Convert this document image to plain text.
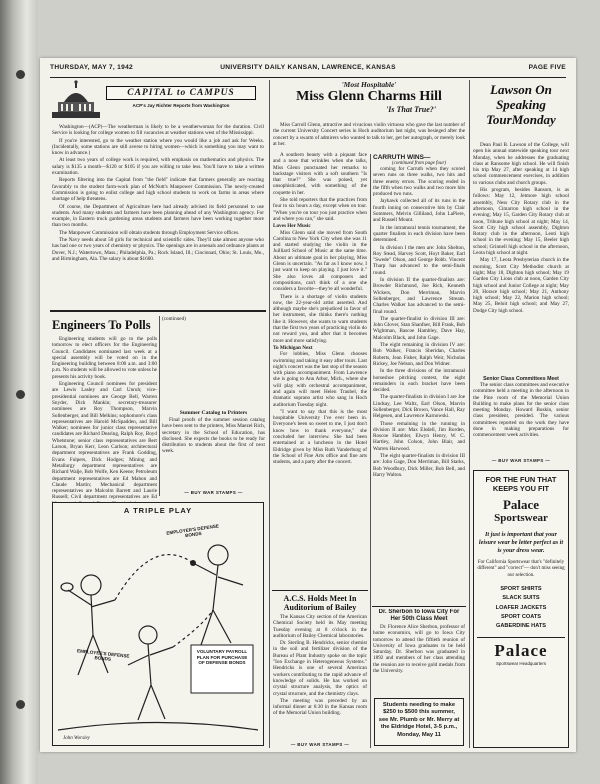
THURSDAY, MAY 7, 1942	UNIVERSITY DAILY KANSAN, LAWRENCE, KANSAS	PAGE FIVE
CAPITAL to CAMPUS
ACP's Jay Richter Reports from Washington

Washington—(ACP)—The weatherman is likely to be a weatherwoman for the duration. Civil Service is looking for college women to fill vacancies at weather stations west of the Mississippi.

If you're interested, go to the weather station where you would like a job and ask for Weeks. (Incidentally, some stations are still averse to hiring women—which is something you may want to know in advance.)

At least two years of college work is required, with emphasis on mathematics and physics. The salary is $135 a month—$120 or $105 if you are willing to take less. You'll have to take a written examination.

Reports filtering into the Capital from "the field" indicate that farmers generally are reacting favorably to the student farm-work plan of McNutt's Manpower Commission. The newly-created Commission is going to enlist college and high school students to work on farms in areas where shortage of help threatens.

Of course, the Department of Agriculture here had already advised its field personnel to use students. And many students and farmers have been planning ahead of any Washington agency. For example, in Eastern truck gardening areas students and farmers have been working together more than two months.

The Manpower Commission will obtain students through Employment Service offices.

The Navy needs about 50 girls for technical and scientific sides. They'll take almost anyone who has had one or two years of chemistry or physics. The openings are in arsenals and ordnance plants at Dover, N.J.; Watertown, Mass.; Philadelphia, Pa.; Rock Island, Ill.; Cincinnati, Ohio; St. Louis, Mo., and Birmingham, Ala. The salary is about $1600.

Engineers To Polls

Engineering students will go to the polls tomorrow to elect officers for the Engineering Council. Candidates nominated last week at a special assembly will be voted on in the Engineering building between 8:00 a.m. and 3:00 p.m. No students will be allowed to vote unless he presents his activity book.

Engineering Council nominees for president are Lewis Lasley and Carl Unruh; vice-presidential nominees are George Bell, Warren Snyder, Dick Mankin; secretary-treasurer nominees are Roy Thompson, Marvin Sollenberger, and Bill Melkins; sophomore's class representatives are Harold McSpadden, and Bill Walker; nominees for junior class representative candidates are Richard Dearing, Ralph Roy, Boyd Whetstone; senior class representatives are Bert Larson, Bryan Kerr, Leon Carlson; architectural department representatives are Frank Godding, Evans Fulpers, Dick Hodges; Mining and Metallurgy department representatives are Richard Walje, Bob Wolfe, Ken Keene; Petroleum department representatives are Ed Mahon and Claude Martin; Mechanical department representatives are Malcolm Barrett and Laurie Russell; Civil department representatives are Ed

(continued)

Summer Catalog to Printers

Final proofs of the summer session catalog have been sent to the printers, Miss Maezel Rich, secretary in the School of Education, has disclosed. She expects the books to be ready for distribution to students about the first of next week.

— BUY WAR STAMPS —
A TRIPLE PLAY
EMPLOYER'S DEFENSE BONDS
VOLUNTARY PAYROLL PLAN FOR PURCHASE OF DEFENSE BONDS
EMPLOYEE'S DEFENSE BONDS
John Worsley
'Most Hospitable'
Miss Glenn Charms Hill
'Is That True?'

Miss Carroll Glenn, attractive and vivacious violin virtuoso who gave the last number of the current University Concert series in Hoch auditorium last night, was besieged after the concert by a swarm of admirers who wanted to talk to her, get her autograph, or merely look at her.

A southern beauty with a piquant face and a nose that wrinkles when she talks, Miss Glenn punctuated her remarks to backstage visitors with a soft southern "Is that true?" She was poised, yet unsophisticated, with something of the coquette in her.

She told reporters that the practices from four to six hours a day, except when on tour. "When you're on tour you just practice when and where you can," she said.

Loves Her Music

Miss Glenn said she moved from South Carolina to New York City when she was 11 and started studying the violin in the Juilliard School of Music at the same time. About an ultimate goal in her playing, Miss Glenn is uncertain. "As far as I know now, I just want to keep on playing. I just love it." She also loves all composers and compositions, can't think of a one she considers a favorite—they're all wonderful.

There is a shortage of violin students now, the 22-year-old artist asserted. And although maybe she's prejudiced in favor of her instrument, she thinks there's nothing like it. However, she wants to warn students that the first two years of practicing violin do not reward you, and after that it becomes more and more satisfying.

To Michigan Next

For lobbies, Miss Glenn chooses swimming and taking it easy after tours. Last night's concert was the last stop of the season with piano accompaniment. From Lawrence she is going to Ann Arbor, Mich., where she will play with orchestral accompaniment, and again will meet Helen Traubel, the dramatic soprano artist who sang in Hoch auditorium Tuesday night.

"I want to say that this is the most hospitable University I've ever been in. Everyone's been so sweet to me, I just don't know how to thank everyone," she concluded her interview. She had been entertained at a luncheon in the Hotel Eldridge given by Miss Ruth Vanderburg of the School of Fine Arts office and fine arts students, and a party after the concert.

A.C.S. Holds Meet In Auditorium of Bailey

The Kansas City section of the American Chemical Society held its May meeting Tuesday evening at 8 o'clock in the auditorium of Bailey Chemical laboratories.

Dr. Sterling B. Hendricks, senior chemist in the soil and fertilizer division of the Bureau of Plant Industry spoke on the topic "Ion Exchange in Heterogeneous Systems." Hendricks is one of several American workers contributing to the rapid advance of knowledge of solids. He has worked on crystal structure analysis, the optics of crystal structure, and the chemistry clays.

The meeting was preceded by an informal dinner at 6:30 in the Kansas room of the Memorial Union building.

— BUY WAR STAMPS —
CARRUTH WINS—
(continued from page four)

coming for Carruth when they scored seven runs on three walks, two hits and three enemy errors. The scoring ended in the fifth when two walks and two more hits produced two runs.

Jayhawk collected all of its runs in the fourth inning on consecutive hits by Clair Sommers, Melvin Gilliland, John LaPiere, and Russell Mount.

In the intramural tennis tournament, the quarter finalists in each division have been determined.

In division I the men are: John Shelton, Roy Stead, Harvey Scott, Hoyt Baker, Earl "Swede" Olson, and George Robb. Vincent Tharp has advanced to the semi-finals round.

In division II the quarter-finalists are: Browder Richmond, Joe Rich, Kenneth Wickers, Don Merriman, Marvin Sollenberger, and Lawrence Stream. Charles Walker has advanced to the semi-final round.

The quarter-finalist in division III are: John Glover, Stan Shanfner, Bill Frank, Bob Wightman, Bascoe Hambley, Dave Hay, Malcolm Black, and John Gage.

The eight remaining in division IV are: Bob Walker, Francis Sheridan, Charles Roberts, Jean Fisher, Ralph Weir, Nicholas Rickey, Joe Nelson, and Don Widner.

In the three divisions of the intramural horseshoe pitching contest, the eight remainders in each bracket have been decided.

The quarter-finalists in division I are Joe Lindsay, Lee Waltz, Earl Olson, Marvin Sollenberger, Dick Brown, Vance Hall, Ray Helgesen, and Lawrence Karnowski.

Those remaining in the running in division II are: Max Elsdell, Jim Borden, Roscoe Hambler, Elwyn Henry, W. C. Hartley, John Colson, John Blair, and Warren Harwood.

The eight quarter-finalists in division III are: John Gage, Don Merriman, Bill Starks, Bob Woodbury, Dick Miller, Bob Bell, and Harry Walton.

Dr. Sherbon to Iowa City For Her 50th Class Meet

Dr. Florence Alice Sherbon, professor of home economics, will go to Iowa City tomorrow to attend the fiftieth reunion of University of Iowa graduates to be held Saturday. Dr. Sherbon was graduated in 1892 and members of her class attending the reunion are to receive gold medals from the University.

Students needing to make $250 to $500 this summer, see Mr. Plumb or Mr. Merry at the Eldridge Hotel, 3-5 p.m., Monday, May 11
Lawson On
Speaking
TourMonday

Dean Paul B. Lawson of the College, will open his annual statewide speaking tour next Monday, when he addresses the graduating class at Ransome high school. He will finish his trip May 27, after speaking at 14 high school commencement exercises, in addition to various clubs and church groups.

His program, besides Ransom, is as follows: May 12, Jetmore high school assembly, Ness City Rotary club in the afternoon, Cimarron high school in the evening; May 15, Garden City Rotary club at noon, Tribune high school at night; May 14, Scott City high school assembly, Dighton Rotary club in the afternoon, Leoti high school in the evening; May 15, Beeler high school; Grinnell high school in the afternoon, Leota high school at night.

May 17, Leota Presbyterian church in the morning, Scott City Methodist church at night; May 18, Dighton high school; May 19 Garden City Lions club at noon, Garden City high school and Junior College at night; May 20, Horace high school; May 21, Anthony high school; May 22, Marion high school; May 25, Beloit high school; and May 27, Dodge City high school.

Senior Class Committees Meet

The senior class committees and executive committee held a meeting in the afternoon in the Pine room of the Memorial Union Building to make plans for the senior class meeting Monday. Howard Buskin, senior class president, presided. The various committees reported on the work they have done in making preparations for commencement week activities.

— BUY WAR STAMPS —
FOR THE FUN THAT KEEPS YOU FIT
Palace
Sportswear
It just is important that your leisure wear be letter perfect as it is your dress wear.
For California Sportswear that's "definitely different" and "correct"— don't miss seeing our selection.
SPORT SHIRTS
SLACK SUITS
LOAFER JACKETS
SPORT COATS
GABERDINE HATS
Palace
Sportswear Headquarters
